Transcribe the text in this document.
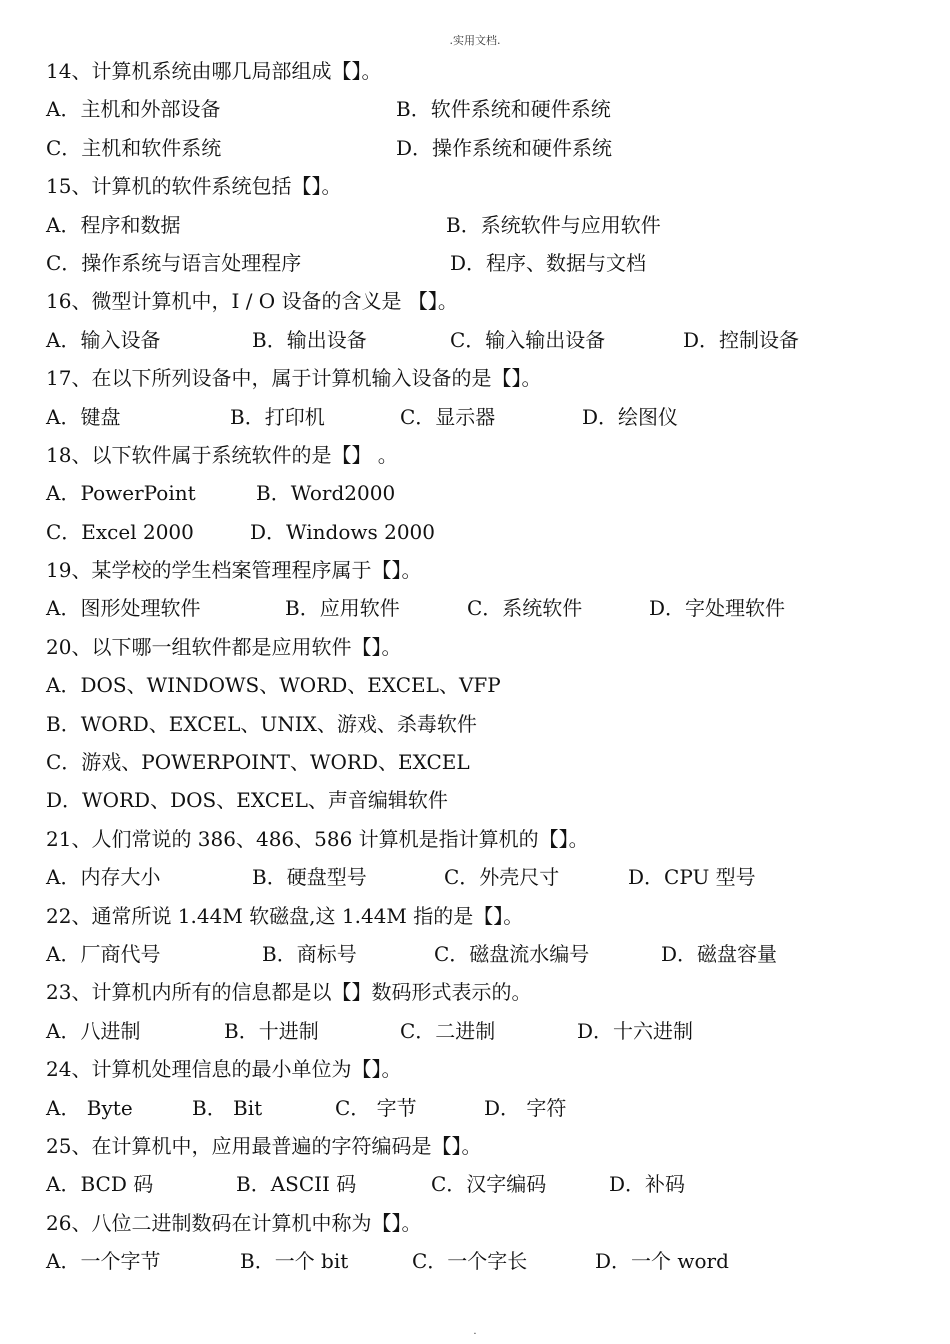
.实用文档.
14、计算机系统由哪几局部组成【】。
A．主机和外部设备	B．软件系统和硬件系统
C．主机和软件系统	D．操作系统和硬件系统
15、计算机的软件系统包括【】。
A．程序和数据	B．系统软件与应用软件
C．操作系统与语言处理程序	D．程序、数据与文档
16、微型计算机中，I / O 设备的含义是 【】。
A．输入设备	B．输出设备	C．输入输出设备	D．控制设备
17、在以下所列设备中，属于计算机输入设备的是【】。
A．键盘	B．打印机	C．显示器	D．绘图仪
18、以下软件属于系统软件的是【】 。
A．PowerPoint	B．Word2000
C．Excel 2000	D．Windows 2000
19、某学校的学生档案管理程序属于【】。
A．图形处理软件	B．应用软件	C．系统软件	D．字处理软件
20、以下哪一组软件都是应用软件【】。
A．DOS、WINDOWS、WORD、EXCEL、VFP
B．WORD、EXCEL、UNIX、游戏、杀毒软件
C．游戏、POWERPOINT、WORD、EXCEL
D．WORD、DOS、EXCEL、声音编辑软件
21、人们常说的 386、486、586 计算机是指计算机的【】。
A．内存大小	B．硬盘型号	C．外壳尺寸	D．CPU 型号
22、通常所说 1.44M 软磁盘,这 1.44M 指的是【】。
A．厂商代号	B．商标号	C．磁盘流水编号	D．磁盘容量
23、计算机内所有的信息都是以【】数码形式表示的。
A．八进制	B．十进制	C．二进制	D．十六进制
24、计算机处理信息的最小单位为【】。
A． Byte	B． Bit	C． 字节	D． 字符
25、在计算机中，应用最普遍的字符编码是【】。
A．BCD 码	B．ASCII 码	C．汉字编码	D．补码
26、八位二进制数码在计算机中称为【】。
A．一个字节	B．一个 bit	C．一个字长	D．一个 word
.
